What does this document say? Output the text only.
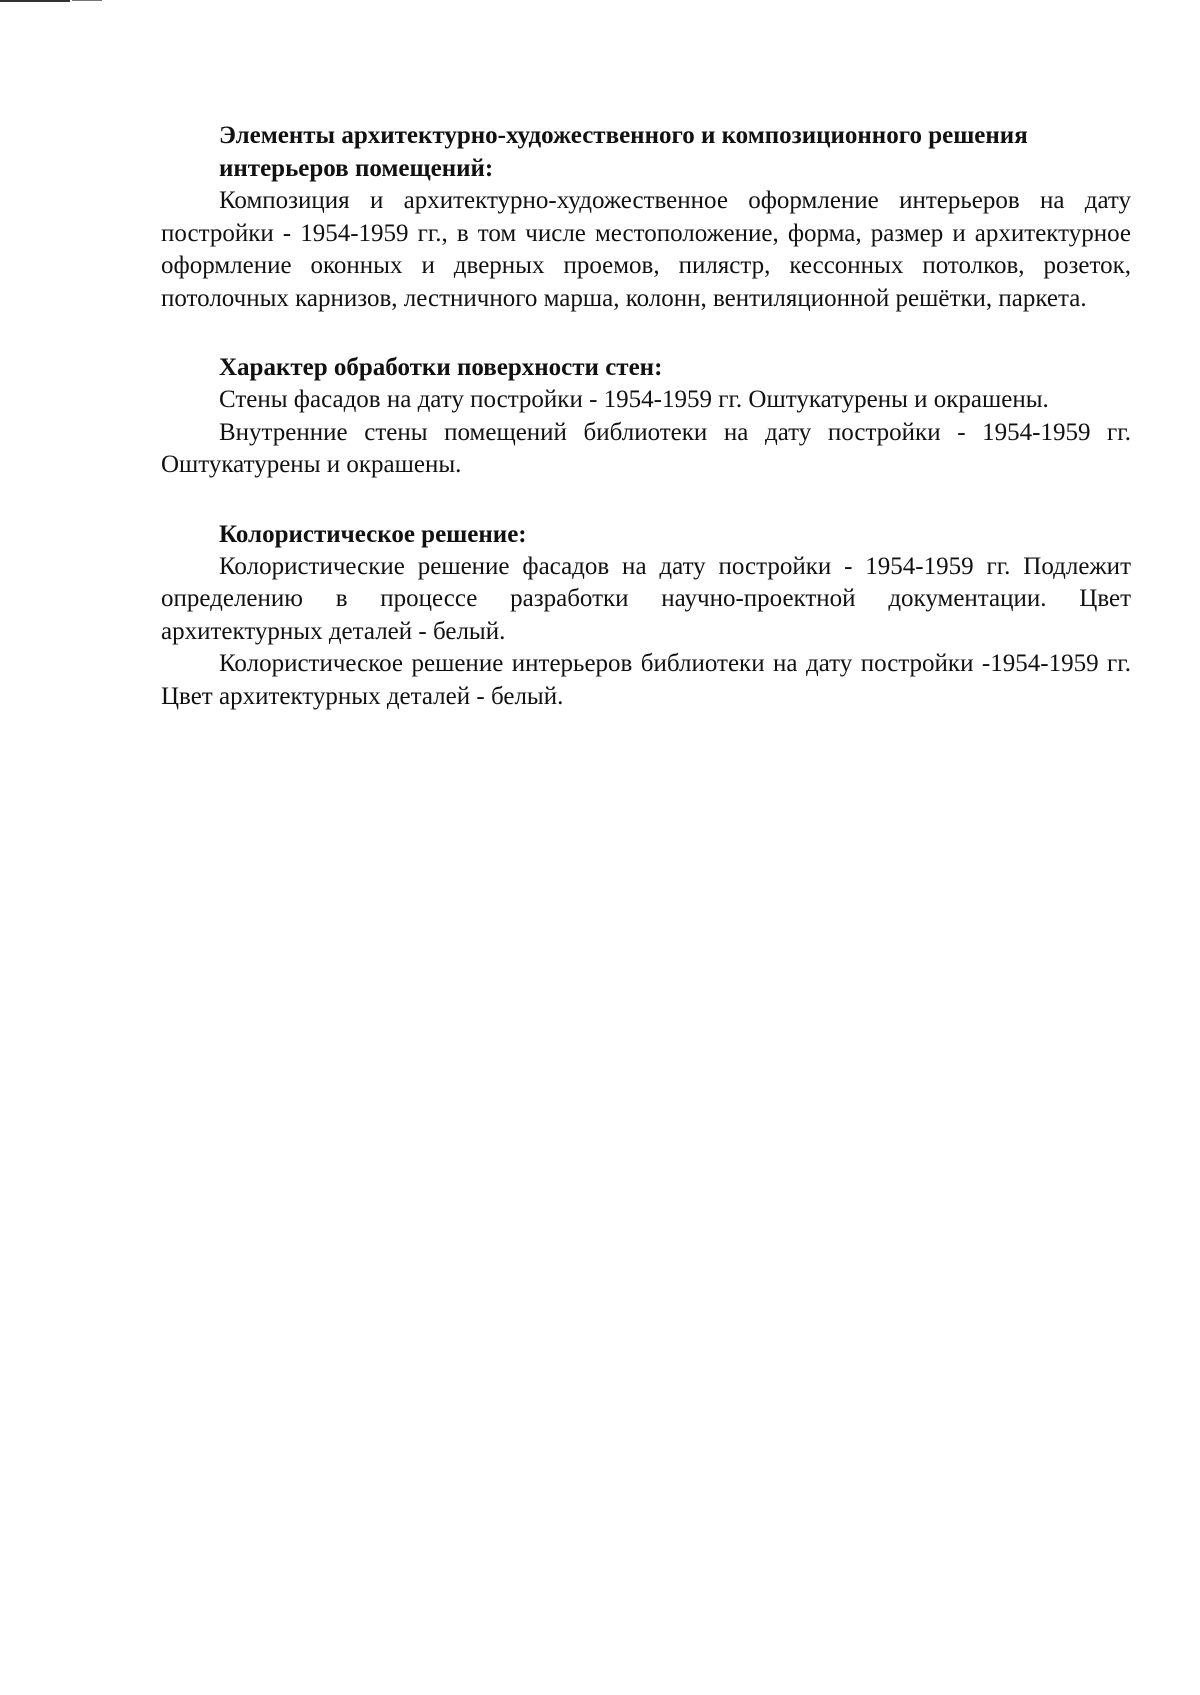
Элементы архитектурно-художественного и композиционного решения
интерьеров помещений:

Композиция и архитектурно-художественное оформление интерьеров на дату постройки - 1954-1959 гг., в том числе местоположение, форма, размер и архитектурное оформление оконных и дверных проемов, пилястр, кессонных потолков, розеток, потолочных карнизов, лестничного марша, колонн, вентиляционной решётки, паркета.

Характер обработки поверхности стен:

Стены фасадов на дату постройки - 1954-1959 гг. Оштукатурены и окрашены.

Внутренние стены помещений библиотеки на дату постройки - 1954-1959 гг. Оштукатурены и окрашены.

Колористическое решение:

Колористические решение фасадов на дату постройки - 1954-1959 гг. Подлежит определению в процессе разработки научно-проектной документации. Цвет архитектурных деталей - белый.

Колористическое решение интерьеров библиотеки на дату постройки -1954-1959 гг. Цвет архитектурных деталей - белый.
